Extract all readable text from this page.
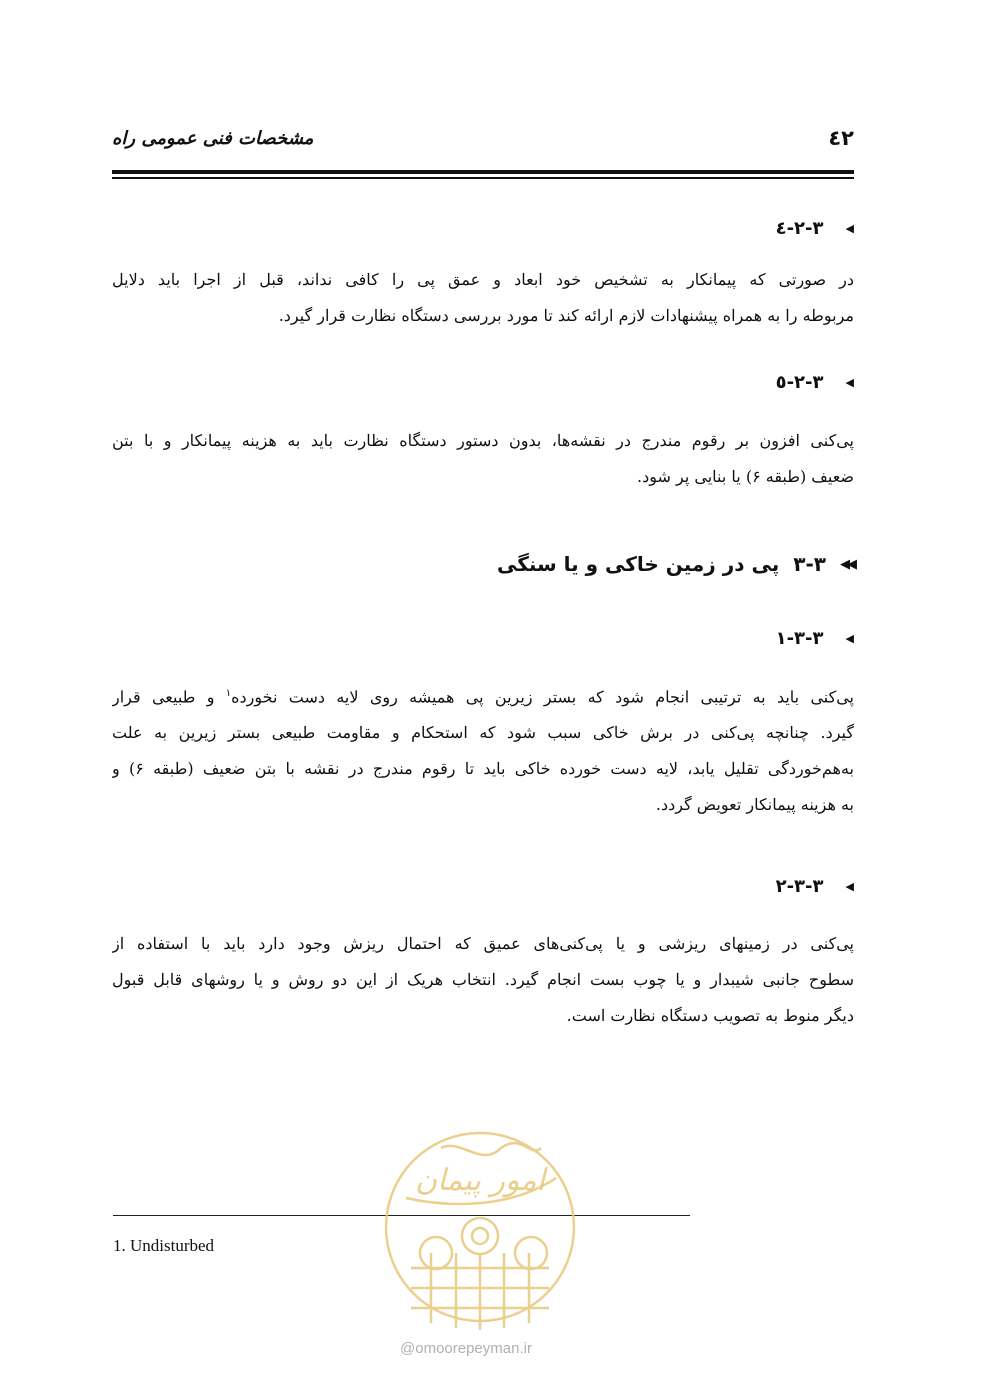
٤٢
مشخصات فنی عمومی راه
◀
٣-٢-٤
در صورتی که پیمانکار به تشخیص خود ابعاد و عمق پی را کافی نداند، قبل از اجرا باید دلایل
مربوطه را به همراه پیشنهادات لازم ارائه کند تا مورد بررسی دستگاه نظارت قرار گیرد.
◀
٣-٢-٥
پی‌کنی افزون بر رقوم مندرج در نقشه‌ها، بدون دستور دستگاه نظارت باید به هزینه پیمانکار و با بتن
ضعیف (طبقه ۶) یا بنایی پر شود.
◀◀
٣-٣
پی در زمین خاکی و یا سنگی
◀
٣-٣-١
پی‌کنی باید به ترتیبی انجام شود که بستر زیرین پی همیشه روی لایه دست نخورده$^١$ و طبیعی قرار
گیرد. چنانچه پی‌کنی در برش خاکی سبب شود که استحکام و مقاومت طبیعی بستر زیرین به علت
به‌هم‌خوردگی تقلیل یابد، لایه دست خورده خاکی باید تا رقوم مندرج در نقشه با بتن ضعیف (طبقه ۶) و
به هزینه پیمانکار تعویض گردد.
◀
٣-٣-٢
پی‌کنی در زمینهای ریزشی و یا پی‌کنی‌های عمیق که احتمال ریزش وجود دارد باید با استفاده از
سطوح جانبی شیبدار و یا چوب بست انجام گیرد. انتخاب هریک از این دو روش و یا روشهای قابل قبول
دیگر منوط به تصویب دستگاه نظارت است.
1. Undisturbed
امور پیمان
@omoorepeyman.ir
